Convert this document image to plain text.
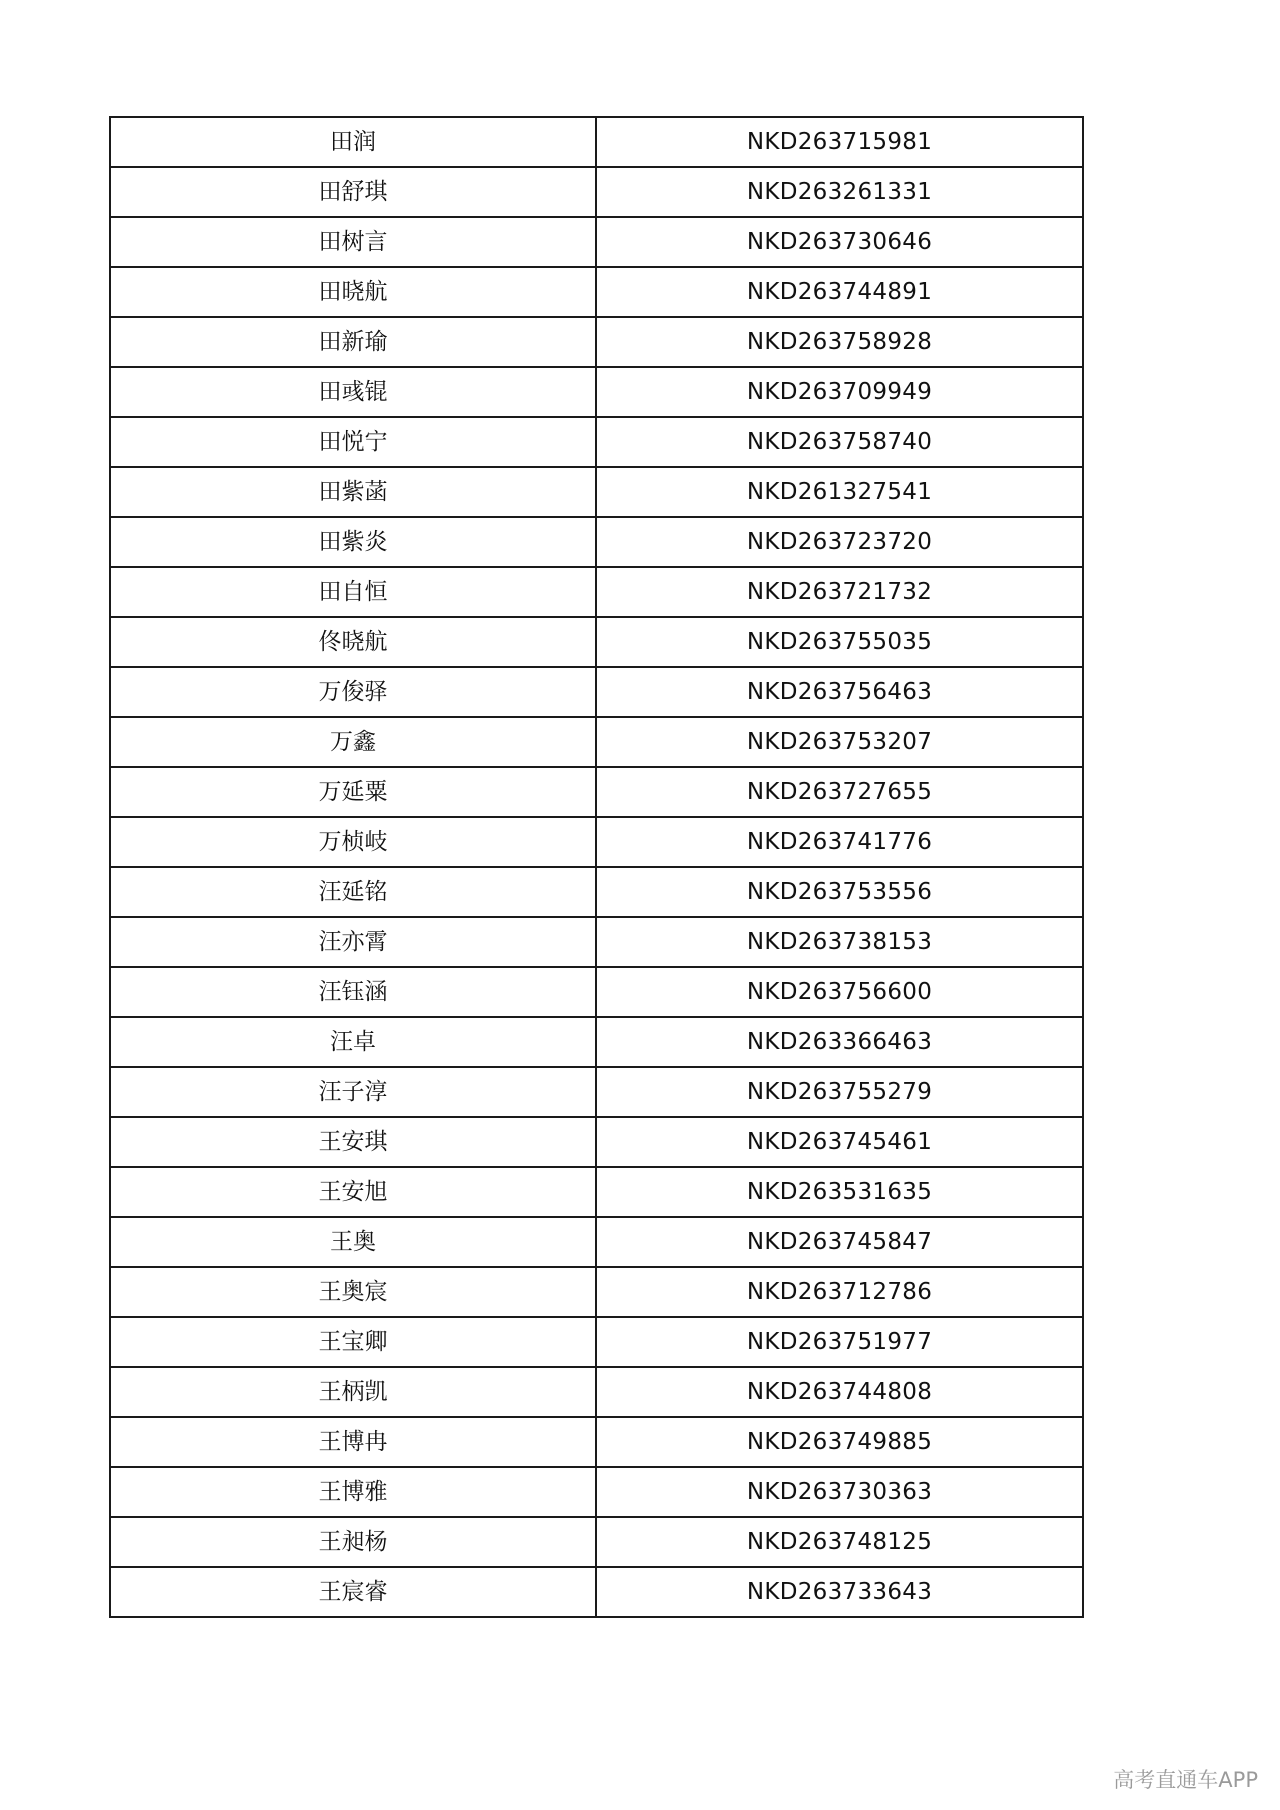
田润	NKD263715981
田舒琪	NKD263261331
田树言	NKD263730646
田晓航	NKD263744891
田新瑜	NKD263758928
田彧锟	NKD263709949
田悦宁	NKD263758740
田紫菡	NKD261327541
田紫炎	NKD263723720
田自恒	NKD263721732
佟晓航	NKD263755035
万俊驿	NKD263756463
万鑫	NKD263753207
万延粟	NKD263727655
万桢岐	NKD263741776
汪延铭	NKD263753556
汪亦霄	NKD263738153
汪钰涵	NKD263756600
汪卓	NKD263366463
汪子淳	NKD263755279
王安琪	NKD263745461
王安旭	NKD263531635
王奥	NKD263745847
王奥宸	NKD263712786
王宝卿	NKD263751977
王柄凯	NKD263744808
王博冉	NKD263749885
王博雅	NKD263730363
王昶杨	NKD263748125
王宸睿	NKD263733643
高考直通车APP
